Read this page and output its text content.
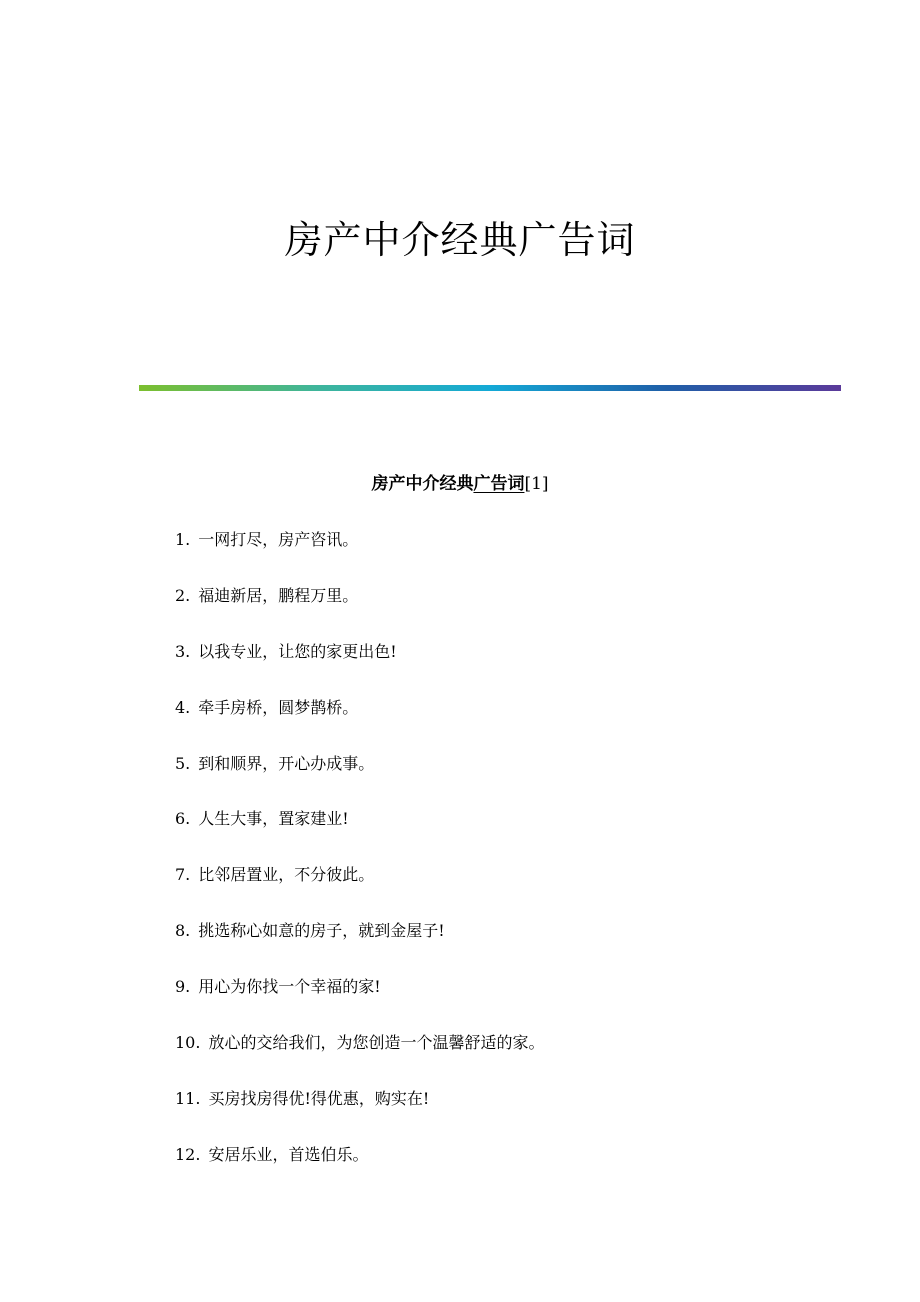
房产中介经典广告词
房产中介经典广告词[1]
1. 一网打尽，房产咨讯。
2. 福迪新居，鹏程万里。
3. 以我专业，让您的家更出色!
4. 牵手房桥，圆梦鹊桥。
5. 到和顺界，开心办成事。
6. 人生大事，置家建业!
7. 比邻居置业，不分彼此。
8. 挑选称心如意的房子，就到金屋子!
9. 用心为你找一个幸福的家!
10. 放心的交给我们，为您创造一个温馨舒适的家。
11. 买房找房得优!得优惠，购实在!
12. 安居乐业，首选伯乐。
